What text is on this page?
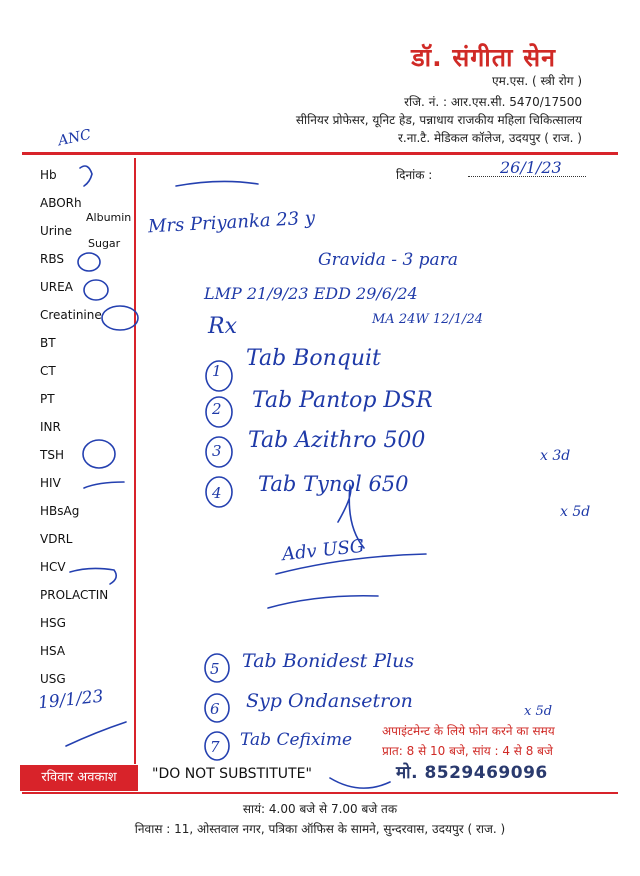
डॉ. संगीता सेन
एम.एस. ( स्त्री रोग )
रजि. नं. : आर.एस.सी. 5470/17500
सीनियर प्रोफेसर, यूनिट हेड, पन्नाधाय राजकीय महिला चिकित्सालय
र.ना.टै. मेडिकल कॉलेज, उदयपुर ( राज. )
दिनांक :	26/1/23
Hb
ABORh
Urine
Albumin
Sugar
RBS
UREA
Creatinine
BT
CT
PT
INR
TSH
HIV
HBsAg
VDRL
HCV
PROLACTIN
HSG
HSA
USG
ANC
19/1/23
Mrs Priyanka 23 y
Gravida - 3 para
LMP 21/9/23 EDD 29/6/24
MA 24W 12/1/24
Rx
1 Tab Bonquit
2 Tab Pantop DSR
3 Tab Azithro 500
4 Tab Tynol 650
x 3d
x 5d
Adv USG
5 Tab Bonidest Plus
6 Syp Ondansetron
7 Tab Cefixime
x 5d
अपाइंटमेन्ट के लिये फोन करने का समय
प्रात: 8 से 10 बजे, सांय : 4 से 8 बजे
मो. 8529469096
रविवार अवकाश	"DO NOT SUBSTITUTE"
सायं: 4.00 बजे से 7.00 बजे तक
निवास : 11, ओस्तवाल नगर, पत्रिका ऑफिस के सामने, सुन्दरवास, उदयपुर ( राज. )
